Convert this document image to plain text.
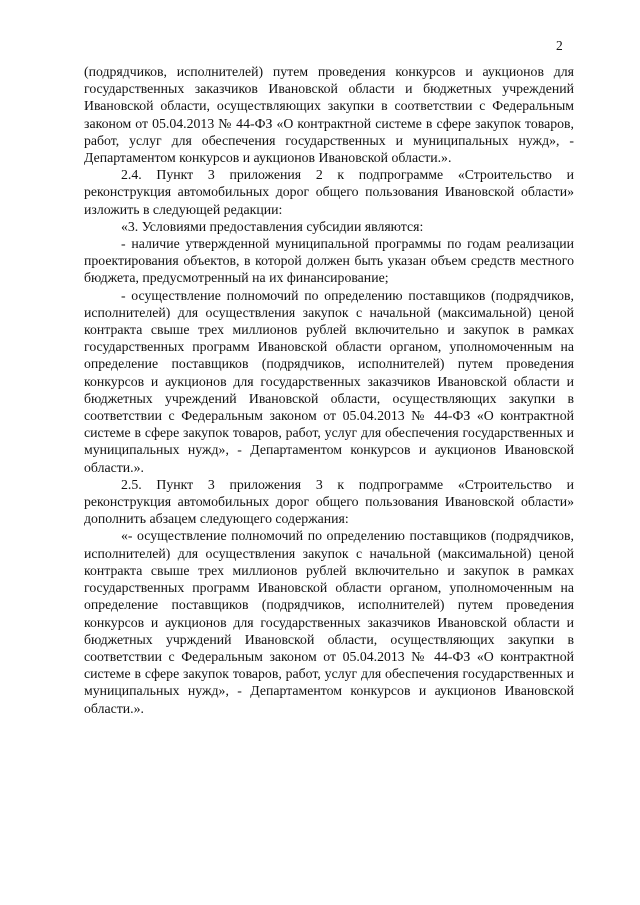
2

(подрядчиков, исполнителей) путем проведения конкурсов и аукционов для государственных заказчиков Ивановской области и бюджетных учреждений Ивановской области, осуществляющих закупки в соответствии с Федеральным законом от 05.04.2013 № 44-ФЗ «О контрактной системе в сфере закупок товаров, работ, услуг для обеспечения государственных и муниципальных нужд», - Департаментом конкурсов и аукционов Ивановской области.».

2.4. Пункт 3 приложения 2 к подпрограмме «Строительство и реконструкция автомобильных дорог общего пользования Ивановской области» изложить в следующей редакции:

«3. Условиями предоставления субсидии являются:

- наличие утвержденной муниципальной программы по годам реализации проектирования объектов, в которой должен быть указан объем средств местного бюджета, предусмотренный на их финансирование;

- осуществление полномочий по определению поставщиков (подрядчиков, исполнителей) для осуществления закупок с начальной (максимальной) ценой контракта свыше трех миллионов рублей включительно и закупок в рамках государственных программ Ивановской области органом, уполномоченным на определение поставщиков (подрядчиков, исполнителей) путем проведения конкурсов и аукционов для государственных заказчиков Ивановской области и бюджетных учреждений Ивановской области, осуществляющих закупки в соответствии с Федеральным законом от 05.04.2013 № 44-ФЗ «О контрактной системе в сфере закупок товаров, работ, услуг для обеспечения государственных и муниципальных нужд», - Департаментом конкурсов и аукционов Ивановской области.».

2.5. Пункт 3 приложения 3 к подпрограмме «Строительство и реконструкция автомобильных дорог общего пользования Ивановской области» дополнить абзацем следующего содержания:

«- осуществление полномочий по определению поставщиков (подрядчиков, исполнителей) для осуществления закупок с начальной (максимальной) ценой контракта свыше трех миллионов рублей включительно и закупок в рамках государственных программ Ивановской области органом, уполномоченным на определение поставщиков (подрядчиков, исполнителей) путем проведения конкурсов и аукционов для государственных заказчиков Ивановской области и бюджетных учрждений Ивановской области, осуществляющих закупки в соответствии с Федеральным законом от 05.04.2013 № 44-ФЗ «О контрактной системе в сфере закупок товаров, работ, услуг для обеспечения государственных и муниципальных нужд», - Департаментом конкурсов и аукционов Ивановской области.».
